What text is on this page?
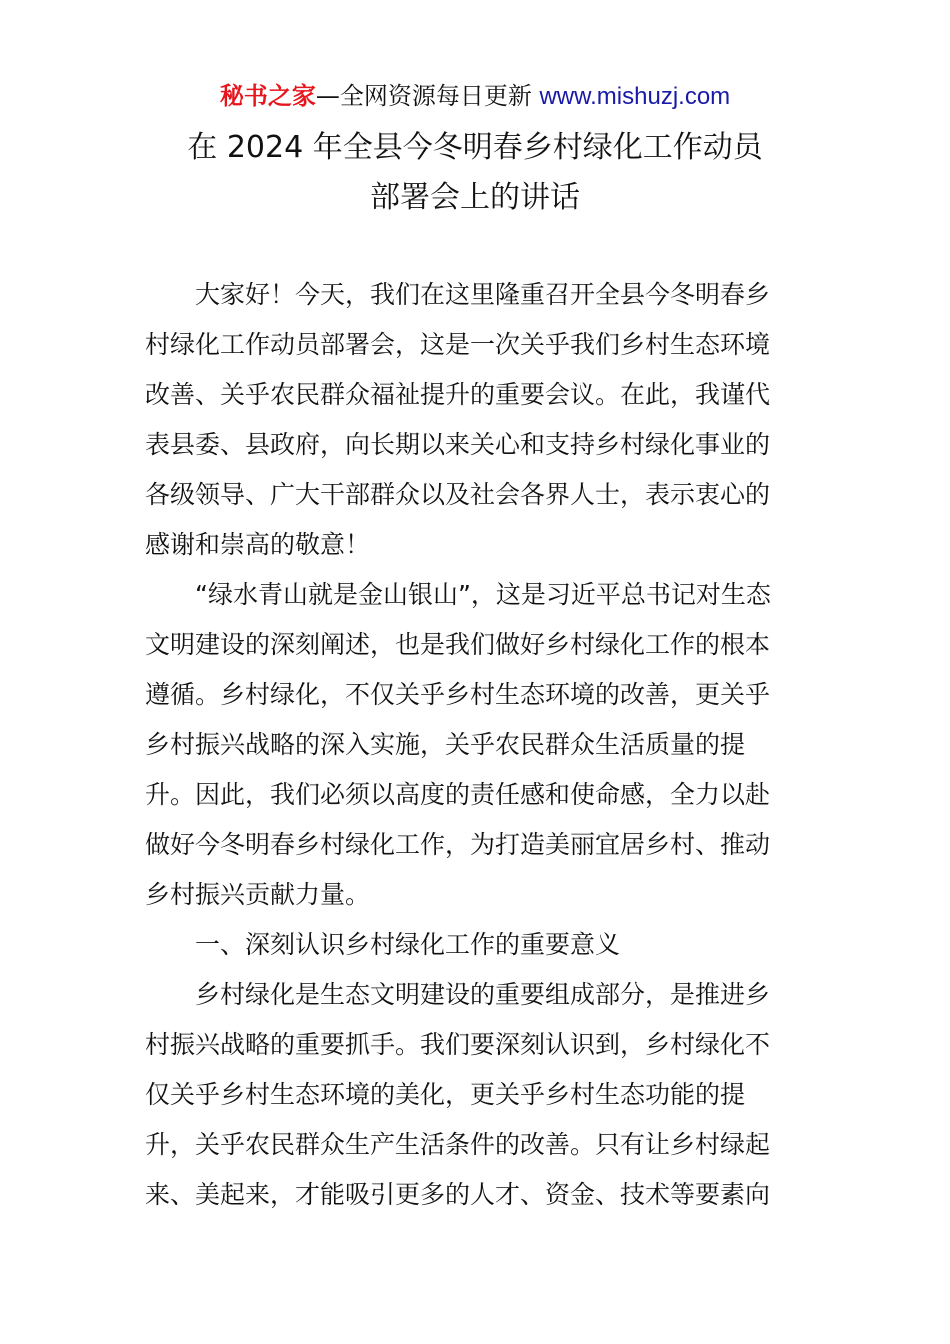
秘书之家—全网资源每日更新 www.mishuzj.com
在 2024 年全县今冬明春乡村绿化工作动员
部署会上的讲话
大家好！今天，我们在这里隆重召开全县今冬明春乡
村绿化工作动员部署会，这是一次关乎我们乡村生态环境
改善、关乎农民群众福祉提升的重要会议。在此，我谨代
表县委、县政府，向长期以来关心和支持乡村绿化事业的
各级领导、广大干部群众以及社会各界人士，表示衷心的
感谢和崇高的敬意！
“绿水青山就是金山银山”，这是习近平总书记对生态
文明建设的深刻阐述，也是我们做好乡村绿化工作的根本
遵循。乡村绿化，不仅关乎乡村生态环境的改善，更关乎
乡村振兴战略的深入实施，关乎农民群众生活质量的提
升。因此，我们必须以高度的责任感和使命感，全力以赴
做好今冬明春乡村绿化工作，为打造美丽宜居乡村、推动
乡村振兴贡献力量。
一、深刻认识乡村绿化工作的重要意义
乡村绿化是生态文明建设的重要组成部分，是推进乡
村振兴战略的重要抓手。我们要深刻认识到，乡村绿化不
仅关乎乡村生态环境的美化，更关乎乡村生态功能的提
升，关乎农民群众生产生活条件的改善。只有让乡村绿起
来、美起来，才能吸引更多的人才、资金、技术等要素向
